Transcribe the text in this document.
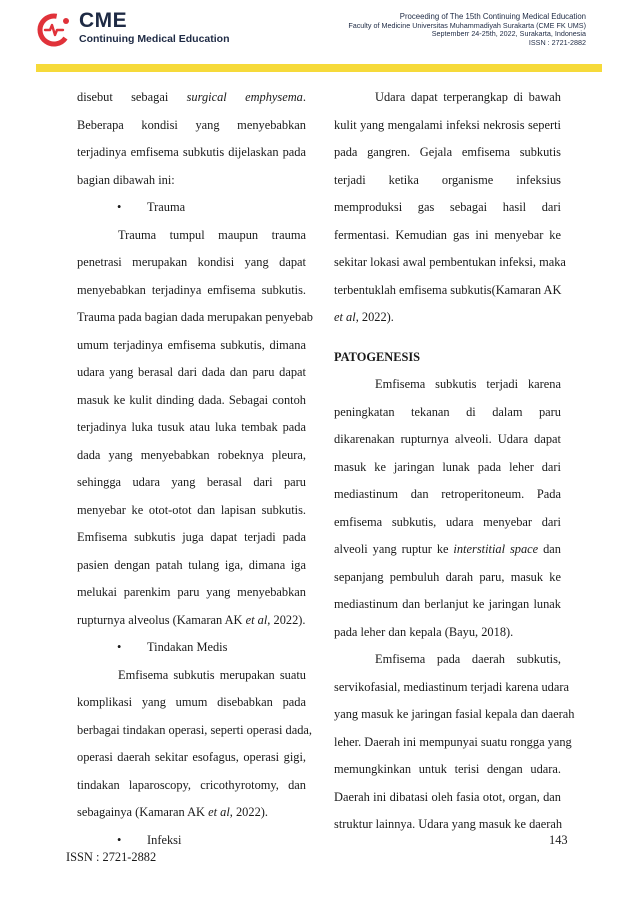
CME
Continuing Medical Education
Proceeding of The 15th Continuing Medical Education
Faculty of Medicine Universitas Muhammadiyah Surakarta (CME FK UMS)
Septemberr 24-25th, 2022, Surakarta, Indonesia
ISSN : 2721-2882
disebut sebagai surgical emphysema.
Beberapa kondisi yang menyebabkan
terjadinya emfisema subkutis dijelaskan pada
bagian dibawah ini:
• Trauma
Trauma tumpul maupun trauma
penetrasi merupakan kondisi yang dapat
menyebabkan terjadinya emfisema subkutis.
Trauma pada bagian dada merupakan penyebab
umum terjadinya emfisema subkutis, dimana
udara yang berasal dari dada dan paru dapat
masuk ke kulit dinding dada. Sebagai contoh
terjadinya luka tusuk atau luka tembak pada
dada yang menyebabkan robeknya pleura,
sehingga udara yang berasal dari paru
menyebar ke otot-otot dan lapisan subkutis.
Emfisema subkutis juga dapat terjadi pada
pasien dengan patah tulang iga, dimana iga
melukai parenkim paru yang menyebabkan
rupturnya alveolus (Kamaran AK et al, 2022).
• Tindakan Medis
Emfisema subkutis merupakan suatu
komplikasi yang umum disebabkan pada
berbagai tindakan operasi, seperti operasi dada,
operasi daerah sekitar esofagus, operasi gigi,
tindakan laparoscopy, cricothyrotomy, dan
sebagainya (Kamaran AK et al, 2022).
• Infeksi
Udara dapat terperangkap di bawah
kulit yang mengalami infeksi nekrosis seperti
pada gangren. Gejala emfisema subkutis
terjadi ketika organisme infeksius
memproduksi gas sebagai hasil dari
fermentasi. Kemudian gas ini menyebar ke
sekitar lokasi awal pembentukan infeksi, maka
terbentuklah emfisema subkutis(Kamaran AK
et al, 2022).
PATOGENESIS
Emfisema subkutis terjadi karena
peningkatan tekanan di dalam paru
dikarenakan rupturnya alveoli. Udara dapat
masuk ke jaringan lunak pada leher dari
mediastinum dan retroperitoneum. Pada
emfisema subkutis, udara menyebar dari
alveoli yang ruptur ke interstitial space dan
sepanjang pembuluh darah paru, masuk ke
mediastinum dan berlanjut ke jaringan lunak
pada leher dan kepala (Bayu, 2018).
Emfisema pada daerah subkutis,
servikofasial, mediastinum terjadi karena udara
yang masuk ke jaringan fasial kepala dan daerah
leher. Daerah ini mempunyai suatu rongga yang
memungkinkan untuk terisi dengan udara.
Daerah ini dibatasi oleh fasia otot, organ, dan
struktur lainnya. Udara yang masuk ke daerah
143
ISSN : 2721-2882
